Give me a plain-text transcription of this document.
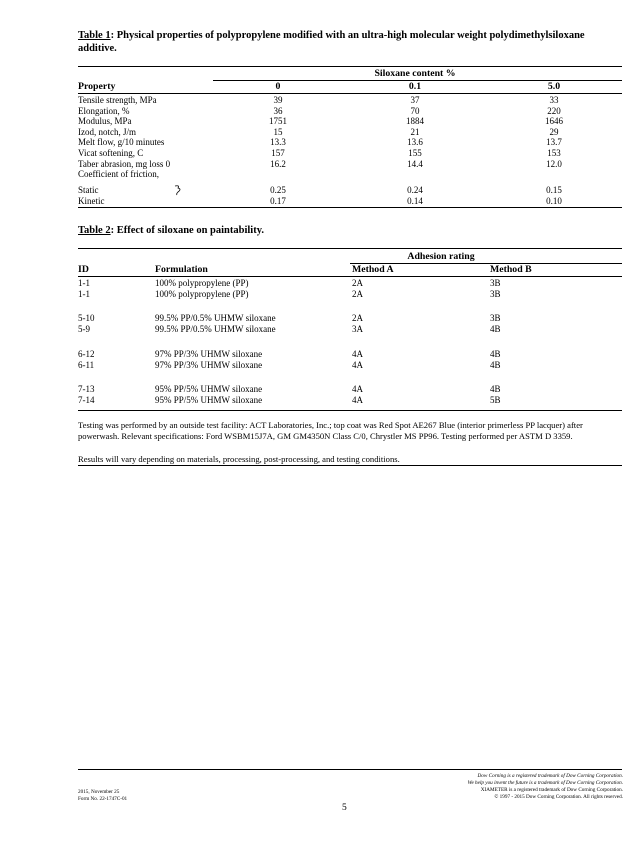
Table 1: Physical properties of polypropylene modified with an ultra-high molecular weight polydimethylsiloxane additive.
Siloxane content %
Property	0	0.1	5.0
Tensile strength, MPa	39	37	33
Elongation, %	36	70	220
Modulus, MPa	1751	1884	1646
Izod, notch, J/m	15	21	29
Melt flow, g/10 minutes	13.3	13.6	13.7
Vicat softening, C	157	155	153
Taber abrasion, mg loss 0	16.2	14.4	12.0
Coefficient of friction,
Static	0.25	0.24	0.15
Kinetic	0.17	0.14	0.10
Table 2: Effect of siloxane on paintability.
Adhesion rating
ID	Formulation	Method A	Method B
1-1	100% polypropylene (PP)	2A	3B
1-1	100% polypropylene (PP)	2A	3B
5-10	99.5% PP/0.5% UHMW siloxane	2A	3B
5-9	99.5% PP/0.5% UHMW siloxane	3A	4B
6-12	97% PP/3% UHMW siloxane	4A	4B
6-11	97% PP/3% UHMW siloxane	4A	4B
7-13	95% PP/5% UHMW siloxane	4A	4B
7-14	95% PP/5% UHMW siloxane	4A	5B
Testing was performed by an outside test facility: ACT Laboratories, Inc.; top coat was Red Spot AE267 Blue (interior primerless PP lacquer) after powerwash. Relevant specifications: Ford WSBM15J7A, GM GM4350N Class C/0, Chrystler MS PP96. Testing performed per ASTM D 3359.
Results will vary depending on materials, processing, post-processing, and testing conditions.
2015, November 25
Form No. 22-1747C-01
5
Dow Corning is a registered trademark of Dow Corning Corporation.
We help you invent the future is a trademark of Dow Corning Corporation.
XIAMETER is a registered trademark of Dow Corning Corporation.
© 1997 - 2015 Dow Corning Corporation. All rights reserved.
